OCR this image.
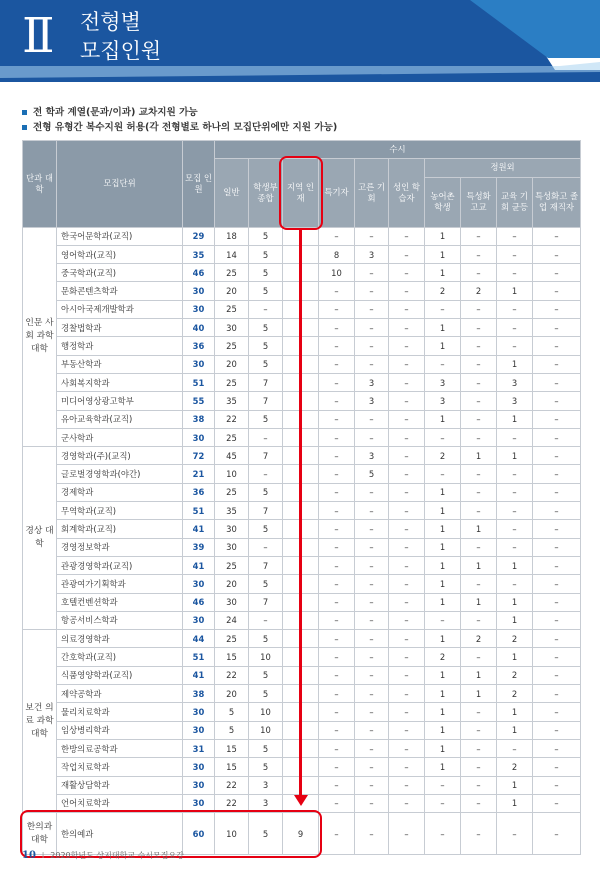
Ⅱ 전형별
모집인원
전 학과 계열(문과/이과) 교차지원 가능
전형 유형간 복수지원 허용(각 전형별로 하나의 모집단위에만 지원 가능)
단과 대학	모집단위	모집 인원	수시									
			일반	학생부 종합	지역 인재	특기자	고른 기회	성인 학습자	정원외			
									농어촌 학생	특성화 고교	교육 기회 균등	특성화고 졸업 재직자
인문 사회 과학 대학	한국어문학과(교직)	29	18	5		–	–	–	1	–	–	–
	영어학과(교직)	35	14	5		8	3	–	1	–	–	–
	중국학과(교직)	46	25	5		10	–	–	1	–	–	–
	문화콘텐츠학과	30	20	5		–	–	–	2	2	1	–
	아시아국제개발학과	30	25	–		–	–	–	–	–	–	–
	경찰법학과	40	30	5		–	–	–	1	–	–	–
	행정학과	36	25	5		–	–	–	1	–	–	–
	부동산학과	30	20	5		–	–	–	–	–	1	–
	사회복지학과	51	25	7		–	3	–	3	–	3	–
	미디어영상광고학부	55	35	7		–	3	–	3	–	3	–
	유아교육학과(교직)	38	22	5		–	–	–	1	–	1	–
	군사학과	30	25	–		–	–	–	–	–	–	–
경상 대학	경영학과(주)(교직)	72	45	7		–	3	–	2	1	1	–
	글로벌경영학과(야간)	21	10	–		–	5	–	–	–	–	–
	경제학과	36	25	5		–	–	–	1	–	–	–
	무역학과(교직)	51	35	7		–	–	–	1	–	–	–
	회계학과(교직)	41	30	5		–	–	–	1	1	–	–
	경영정보학과	39	30	–		–	–	–	1	–	–	–
	관광경영학과(교직)	41	25	7		–	–	–	1	1	1	–
	관광여가기획학과	30	20	5		–	–	–	1	–	–	–
	호텔컨벤션학과	46	30	7		–	–	–	1	1	1	–
	항공서비스학과	30	24	–		–	–	–	–	–	1	–
보건 의료 과학 대학	의료경영학과	44	25	5		–	–	–	1	2	2	–
	간호학과(교직)	51	15	10		–	–	–	2	–	1	–
	식품영양학과(교직)	41	22	5		–	–	–	1	1	2	–
	제약공학과	38	20	5		–	–	–	1	1	2	–
	물리치료학과	30	5	10		–	–	–	1	–	1	–
	임상병리학과	30	5	10		–	–	–	1	–	1	–
	한방의료공학과	31	15	5		–	–	–	1	–	–	–
	작업치료학과	30	15	5		–	–	–	1	–	2	–
	재활상담학과	30	22	3		–	–	–	–	–	1	–
	언어치료학과	30	22	3		–	–	–	–	–	1	–
한의과 대학	한의예과	60	10	5	9	–	–	–	–	–	–	–
10 I 2020학년도 상지대학교 수시모집요강
